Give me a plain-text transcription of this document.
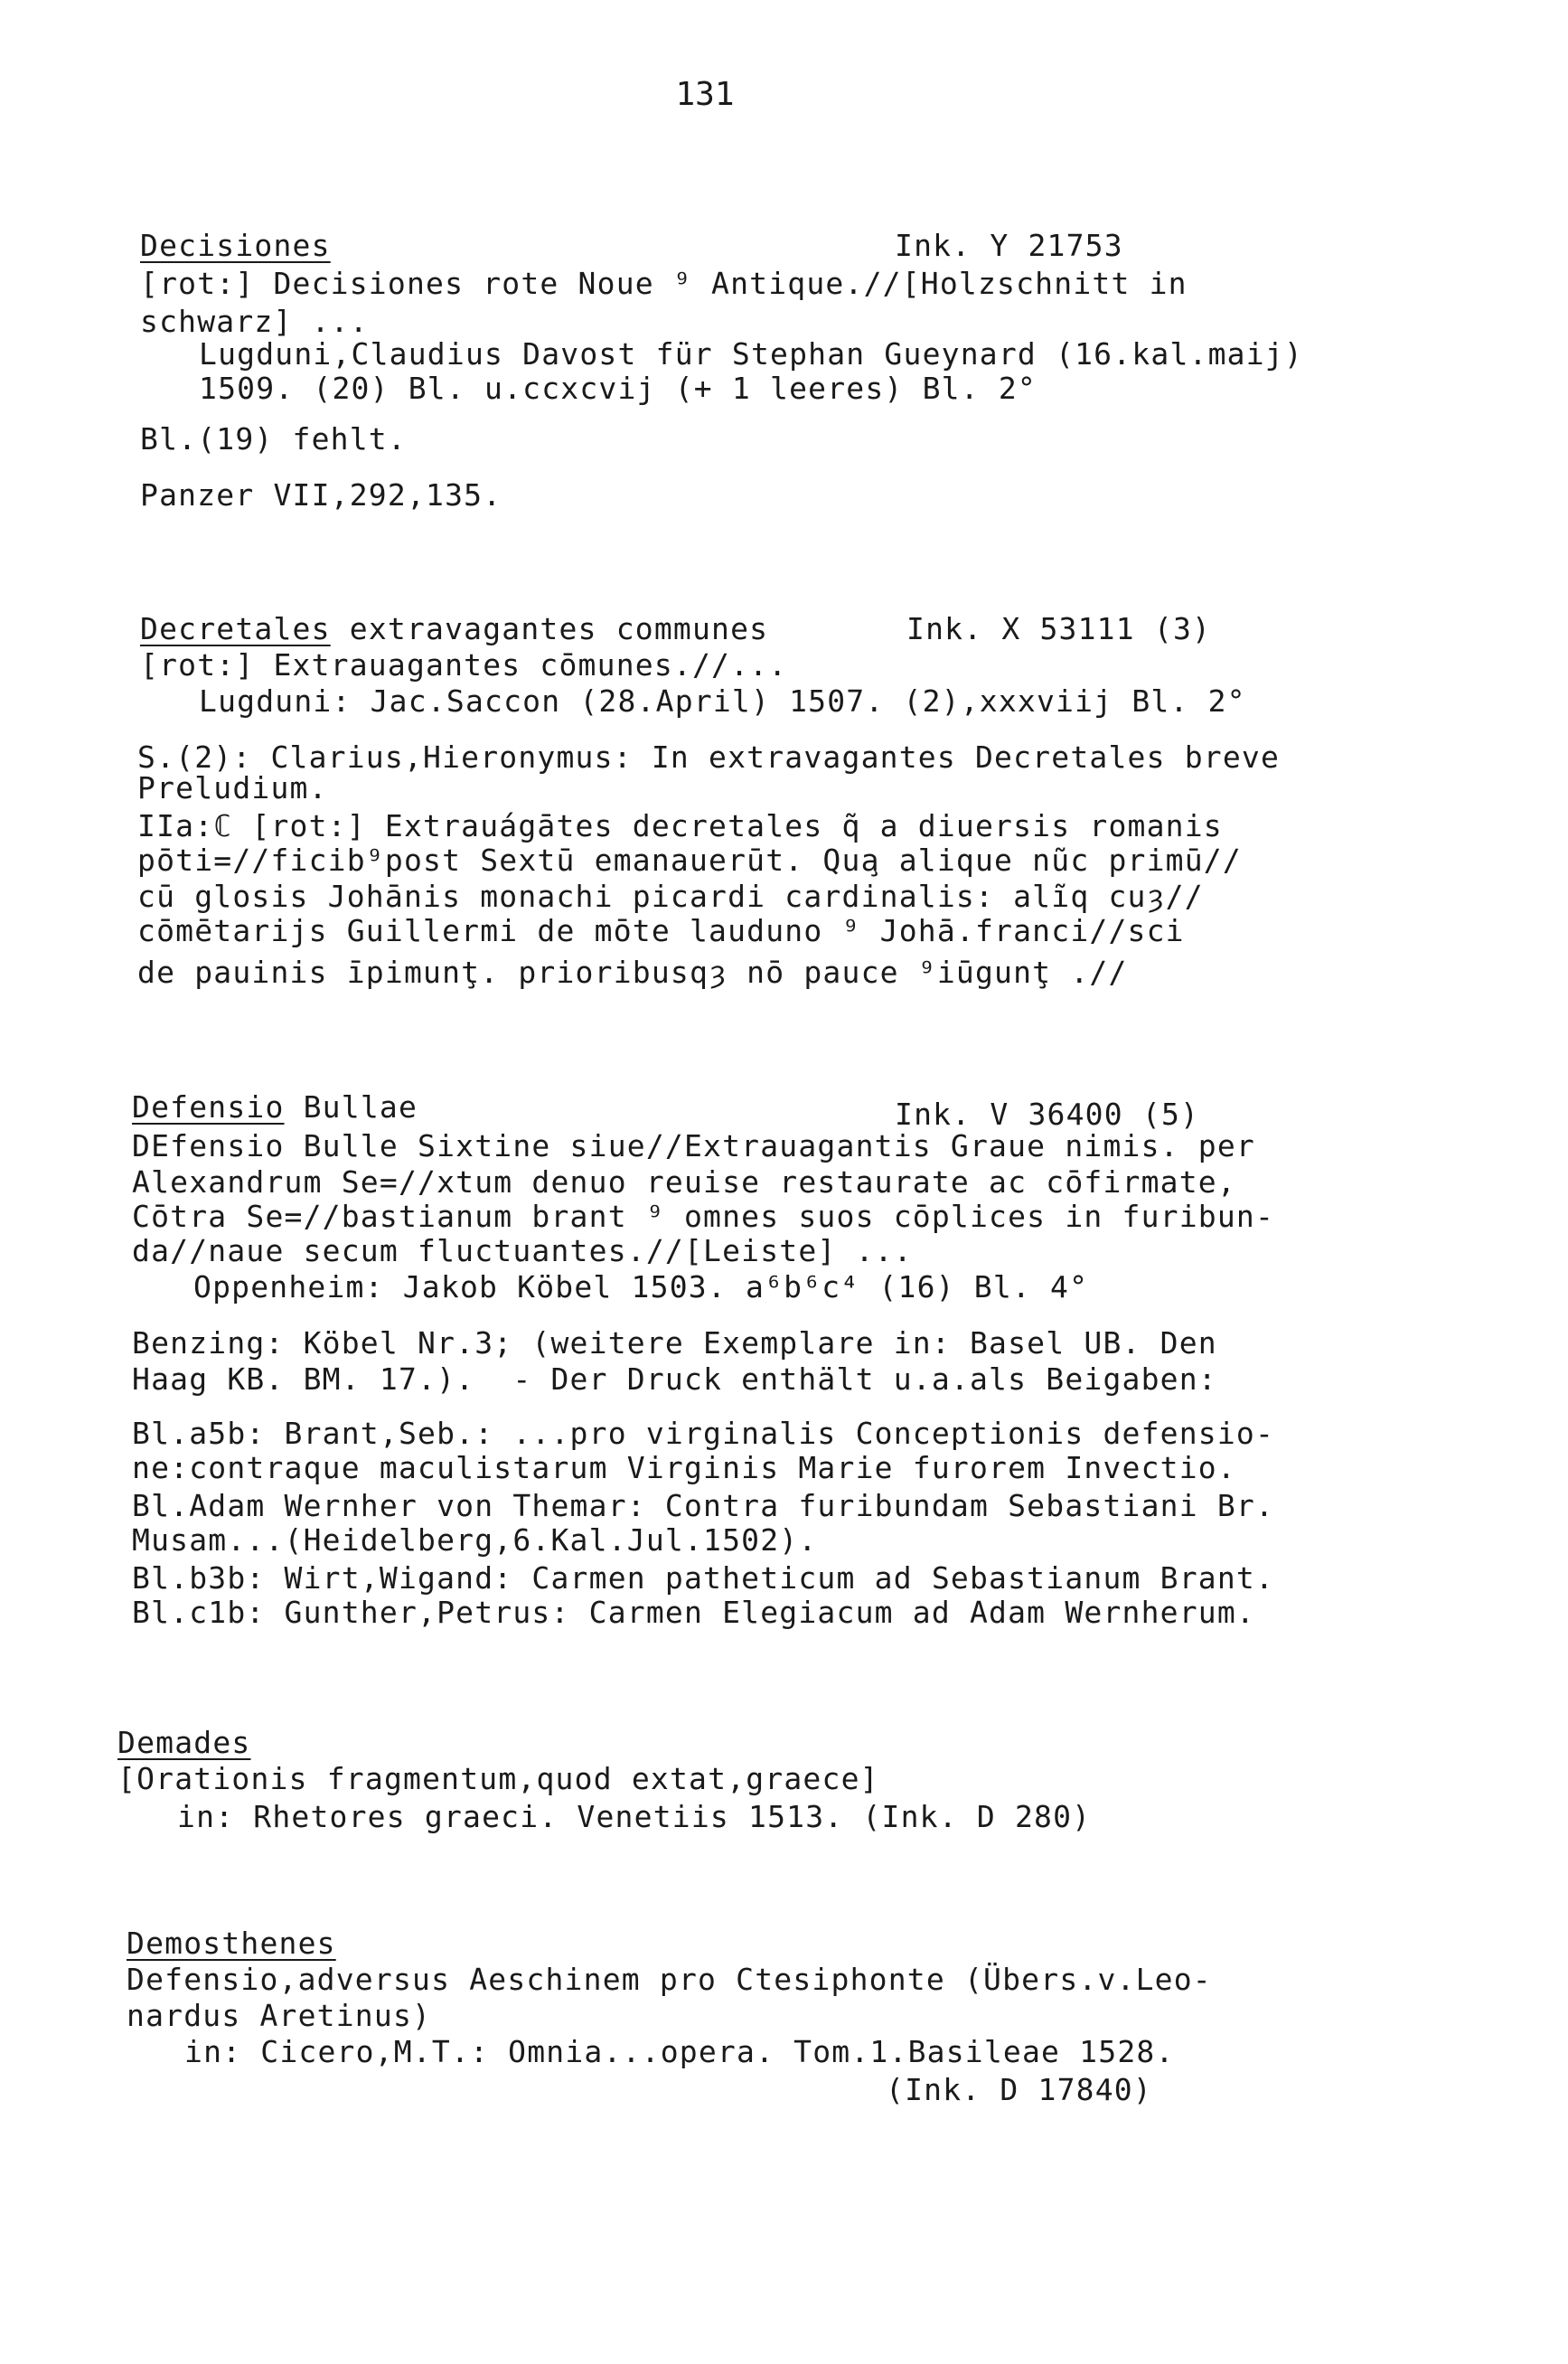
131
Decisiones	Ink. Y 21753
[rot:] Decisiones rote Noue ⁹ Antique.//[Holzschnitt in
schwarz] ...
Lugduni,Claudius Davost für Stephan Gueynard (16.kal.maij)
1509. (20) Bl. u.ccxcvij (+ 1 leeres) Bl. 2°
Bl.(19) fehlt.
Panzer VII,292,135.
Decretales extravagantes communes	Ink. X 53111 (3)
[rot:] Extrauagantes cōmunes.//...
Lugduni: Jac.Saccon (28.April) 1507. (2),xxxviij Bl. 2°
S.(2): Clarius,Hieronymus: In extravagantes Decretales breve
Preludium.
IIa:ℂ [rot:] Extrauágātes decretales q̃ a diuersis romanis
pōti=//ficib⁹post Sextū emanauerūt. Qua̧ alique nũc primū//
cū glosis Johānis monachi picardi cardinalis: alĩq cuȝ//
cōmētarijs Guillermi de mōte lauduno ⁹ Johā.franci//sci
de pauinis īpimunţ. prioribusqȝ nō pauce ⁹iūgunţ .//
Defensio Bullae	Ink. V 36400 (5)
DEfensio Bulle Sixtine siue//Extrauagantis Graue nimis. per
Alexandrum Se=//xtum denuo reuise restaurate ac cōfirmate,
Cōtra Se=//bastianum brant ⁹ omnes suos cōplices in furibun-
da//naue secum fluctuantes.//[Leiste] ...
Oppenheim: Jakob Köbel 1503. a⁶b⁶c⁴ (16) Bl. 4°
Benzing: Köbel Nr.3; (weitere Exemplare in: Basel UB. Den
Haag KB. BM. 17.).  - Der Druck enthält u.a.als Beigaben:
Bl.a5b: Brant,Seb.: ...pro virginalis Conceptionis defensio-
ne:contraque maculistarum Virginis Marie furorem Invectio.
Bl.Adam Wernher von Themar: Contra furibundam Sebastiani Br.
Musam...(Heidelberg,6.Kal.Jul.1502).
Bl.b3b: Wirt,Wigand: Carmen patheticum ad Sebastianum Brant.
Bl.c1b: Gunther,Petrus: Carmen Elegiacum ad Adam Wernherum.
Demades
[Orationis fragmentum,quod extat,graece]
in: Rhetores graeci. Venetiis 1513. (Ink. D 280)
Demosthenes
Defensio,adversus Aeschinem pro Ctesiphonte (Übers.v.Leo-
nardus Aretinus)
in: Cicero,M.T.: Omnia...opera. Tom.1.Basileae 1528.
(Ink. D 17840)
